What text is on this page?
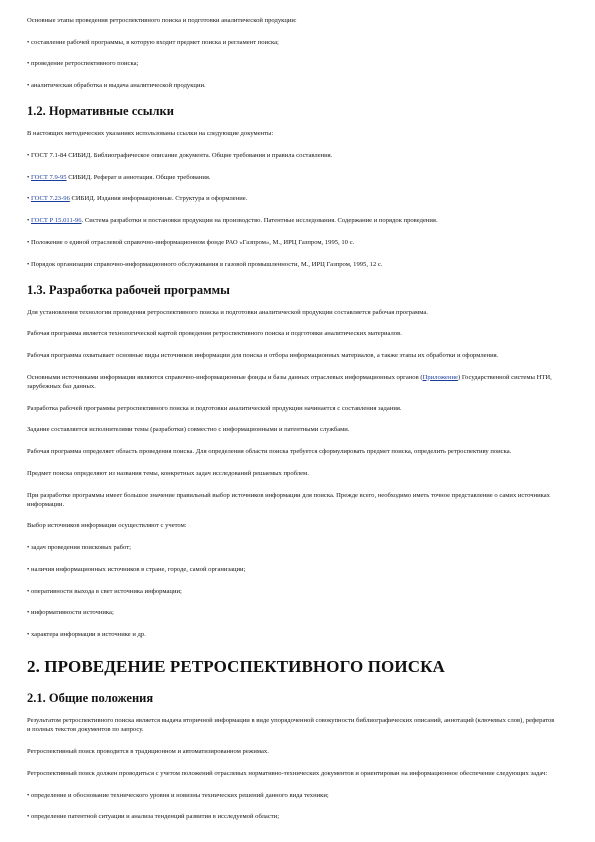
Основные этапы проведения ретроспективного поиска и подготовки аналитической продукции:

• составление рабочей программы, в которую входит предмет поиска и регламент поиска;

• проведение ретроспективного поиска;

• аналитическая обработка и выдача аналитической продукции.

1.2. Нормативные ссылки

В настоящих методических указаниях использованы ссылки на следующие документы:

• ГОСТ 7.1-84 СИБИД. Библиографическое описание документа. Общие требования и правила составления.

• ГОСТ 7.9-95 СИБИД. Реферат и аннотация. Общие требования.

• ГОСТ 7.23-96 СИБИД. Издания информационные. Структура и оформление.

• ГОСТ Р 15.011-96. Система разработки и постановки продукции на производство. Патентные исследования. Содержание и порядок проведения.

• Положение о единой отраслевой справочно-информационном фонде РАО «Газпром», М., ИРЦ Газпром, 1995, 10 с.

• Порядок организации справочно-информационного обслуживания в газовой промышленности, М., ИРЦ Газпром, 1995, 12 с.

1.3. Разработка рабочей программы

Для установления технологии проведения ретроспективного поиска и подготовки аналитической продукции составляется рабочая программа.

Рабочая программа является технологической картой проведения ретроспективного поиска и подготовки аналитических материалов.

Рабочая программа охватывает основные виды источников информации для поиска и отбора информационных материалов, а также этапы их обработки и оформления.

Основными источниками информации являются справочно-информационные фонды и базы данных отраслевых информационных органов (Приложение) Государственной системы НТИ, зарубежных баз данных.

Разработка рабочей программы ретроспективного поиска и подготовки аналитической продукции начинается с составления задания.

Задание составляется исполнителями темы (разработки) совместно с информационными и патентными службами.

Рабочая программа определяет область проведения поиска. Для определения области поиска требуется сформулировать предмет поиска, определить ретроспективу поиска.

Предмет поиска определяют из названия темы, конкретных задач исследований решаемых проблем.

При разработке программы имеет большое значение правильный выбор источников информации для поиска. Прежде всего, необходимо иметь точное представление о самих источниках информации.

Выбор источников информации осуществляют с учетом:

• задач проведения поисковых работ;

• наличия информационных источников в стране, городе, самой организации;

• оперативности выхода в свет источника информации;

• информативности источника;

• характера информации в источнике и др.

2. ПРОВЕДЕНИЕ РЕТРОСПЕКТИВНОГО ПОИСКА
2.1. Общие положения

Результатом ретроспективного поиска является выдача вторичной информации в виде упорядоченной совокупности библиографических описаний, аннотаций (ключевых слов), рефератов и полных текстов документов по запросу.

Ретроспективный поиск проводится в традиционном и автоматизированном режимах.

Ретроспективный поиск должен проводиться с учетом положений отраслевых нормативно-технических документов и ориентирован на информационное обеспечение следующих задач:

• определение и обоснование технического уровня и новизны технических решений данного вида техники;

• определение патентной ситуации и анализа тенденций развития в исследуемой области;
